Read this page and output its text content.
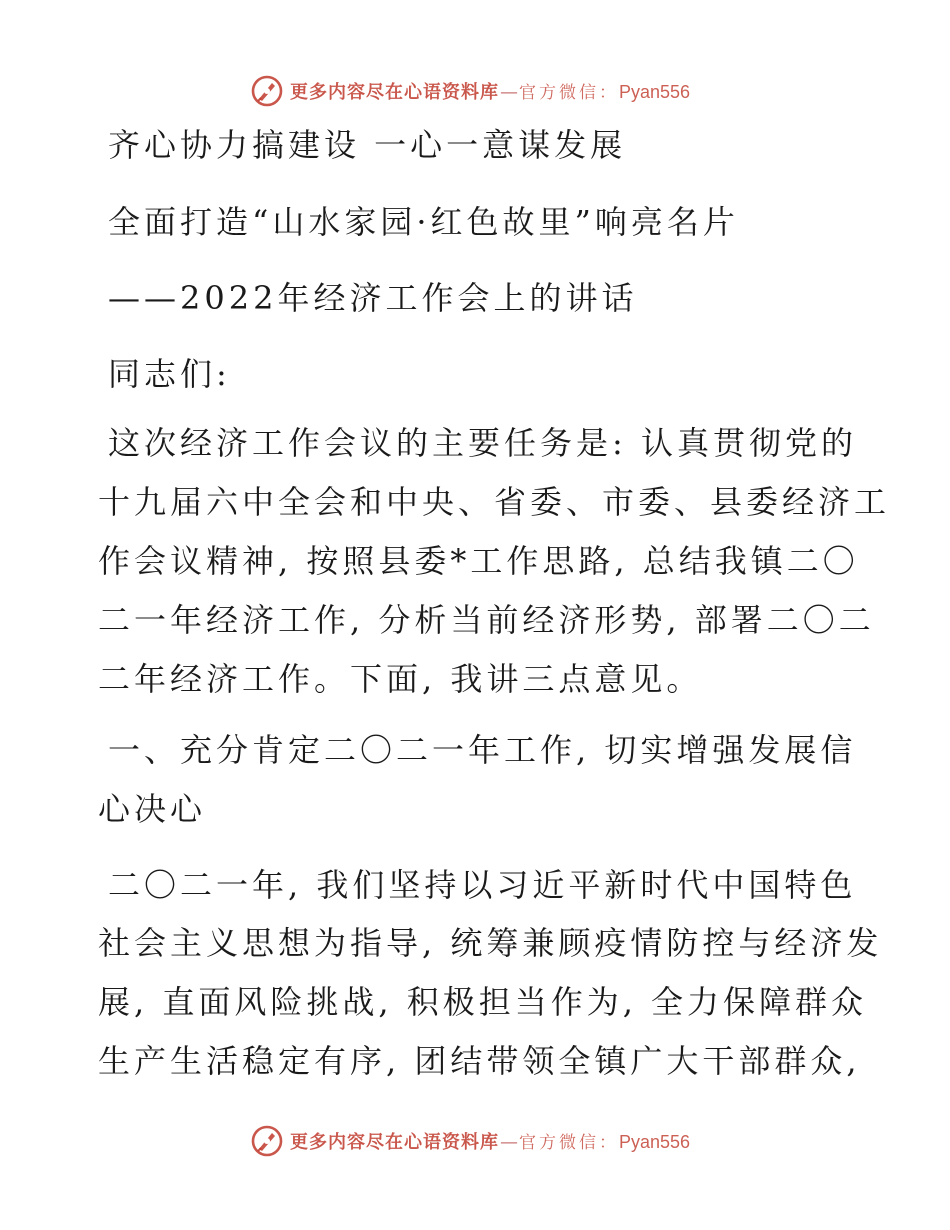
更多内容尽在心语资料库 — 官方微信： Pyan556
齐心协力搞建设 一心一意谋发展
全面打造“山水家园·红色故里”响亮名片
——2022年经济工作会上的讲话
同志们:
这次经济工作会议的主要任务是: 认真贯彻党的
十九届六中全会和中央、省委、市委、县委经济工
作会议精神, 按照县委*工作思路, 总结我镇二〇
二一年经济工作, 分析当前经济形势, 部署二〇二
二年经济工作。下面, 我讲三点意见。
一、充分肯定二〇二一年工作, 切实增强发展信
心决心
二〇二一年, 我们坚持以习近平新时代中国特色
社会主义思想为指导, 统筹兼顾疫情防控与经济发
展, 直面风险挑战, 积极担当作为, 全力保障群众
生产生活稳定有序, 团结带领全镇广大干部群众,
更多内容尽在心语资料库 — 官方微信： Pyan556
